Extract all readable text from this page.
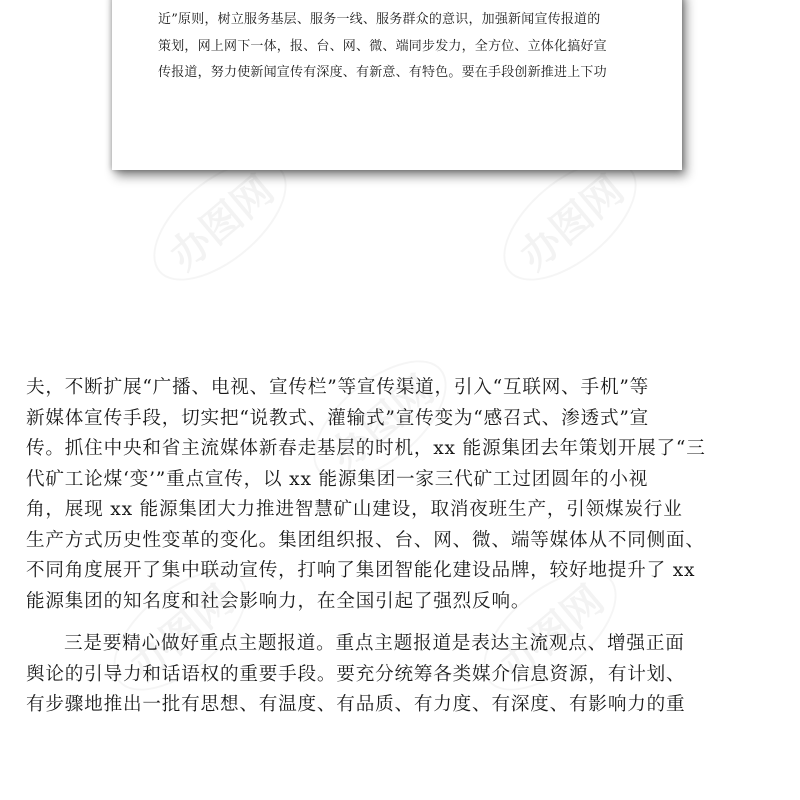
办图网	办图网
办图网
办图网	办图网
近”原则，树立服务基层、服务一线、服务群众的意识，加强新闻宣传报道的
策划，网上网下一体，报、台、网、微、端同步发力，全方位、立体化搞好宣
传报道，努力使新闻宣传有深度、有新意、有特色。要在手段创新推进上下功
夫，不断扩展“广播、电视、宣传栏”等宣传渠道，引入“互联网、手机”等
新媒体宣传手段，切实把“说教式、灌输式”宣传变为“感召式、渗透式”宣
传。抓住中央和省主流媒体新春走基层的时机，xx 能源集团去年策划开展了“三
代矿工论煤‘变’”重点宣传，以 xx 能源集团一家三代矿工过团圆年的小视
角，展现 xx 能源集团大力推进智慧矿山建设，取消夜班生产，引领煤炭行业
生产方式历史性变革的变化。集团组织报、台、网、微、端等媒体从不同侧面、
不同角度展开了集中联动宣传，打响了集团智能化建设品牌，较好地提升了 xx
能源集团的知名度和社会影响力，在全国引起了强烈反响。
三是要精心做好重点主题报道。重点主题报道是表达主流观点、增强正面
舆论的引导力和话语权的重要手段。要充分统筹各类媒介信息资源，有计划、
有步骤地推出一批有思想、有温度、有品质、有力度、有深度、有影响力的重
